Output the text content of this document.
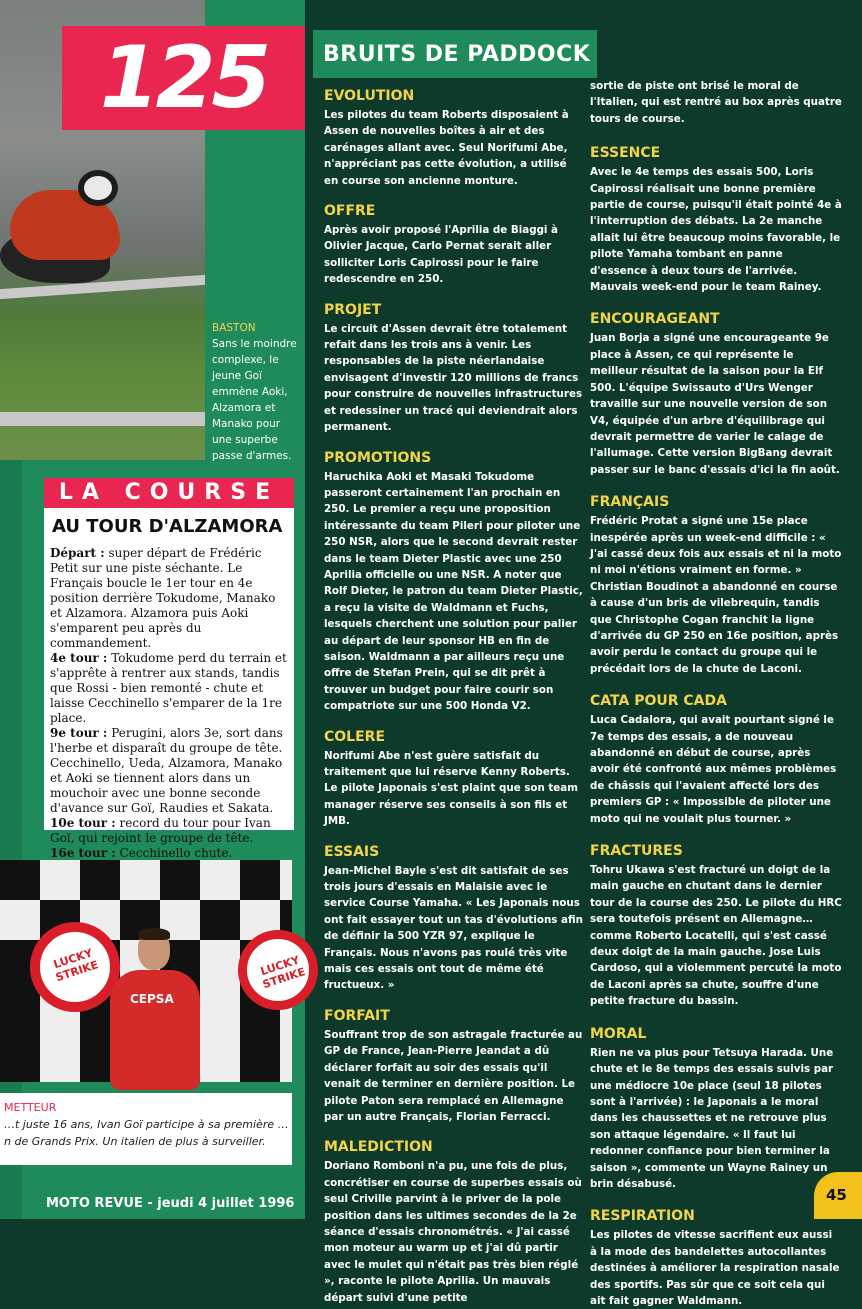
125
BASTON
Sans le moindre complexe, le jeune Goï emmène Aoki, Alzamora et Manako pour une superbe passe d'armes.
LA COURSE
AU TOUR D'ALZAMORA

Départ : super départ de Frédéric Petit sur une piste séchante. Le Français boucle le 1er tour en 4e position derrière Tokudome, Manako et Alzamora. Alzamora puis Aoki s'emparent peu après du commandement.

4e tour : Tokudome perd du terrain et s'apprête à rentrer aux stands, tandis que Rossi - bien remonté - chute et laisse Cecchinello s'emparer de la 1re place.

9e tour : Perugini, alors 3e, sort dans l'herbe et disparaît du groupe de tête. Cecchinello, Ueda, Alzamora, Manako et Aoki se tiennent alors dans un mouchoir avec une bonne seconde d'avance sur Goï, Raudies et Sakata.

10e tour : record du tour pour Ivan Goï, qui rejoint le groupe de tête.

16e tour : Cecchinello chute.

LUCKY STRIKE	LUCKY STRIKE
CEPSA
METTEUR
…t juste 16 ans, Ivan Goï participe à sa première …n de Grands Prix. Un italien de plus à surveiller.
MOTO REVUE - jeudi 4 juillet 1996
BRUITS DE PADDOCK
EVOLUTION
Les pilotes du team Roberts disposaient à Assen de nouvelles boîtes à air et des carénages allant avec. Seul Norifumi Abe, n'appréciant pas cette évolution, a utilisé en course son ancienne monture.
OFFRE
Après avoir proposé l'Aprilia de Biaggi à Olivier Jacque, Carlo Pernat serait aller solliciter Loris Capirossi pour le faire redescendre en 250.
PROJET
Le circuit d'Assen devrait être totalement refait dans les trois ans à venir. Les responsables de la piste néerlandaise envisagent d'investir 120 millions de francs pour construire de nouvelles infrastructures et redessiner un tracé qui deviendrait alors permanent.
PROMOTIONS
Haruchika Aoki et Masaki Tokudome passeront certainement l'an prochain en 250. Le premier a reçu une proposition intéressante du team Pileri pour piloter une 250 NSR, alors que le second devrait rester dans le team Dieter Plastic avec une 250 Aprilia officielle ou une NSR. A noter que Rolf Dieter, le patron du team Dieter Plastic, a reçu la visite de Waldmann et Fuchs, lesquels cherchent une solution pour palier au départ de leur sponsor HB en fin de saison. Waldmann a par ailleurs reçu une offre de Stefan Prein, qui se dit prêt à trouver un budget pour faire courir son compatriote sur une 500 Honda V2.
COLERE
Norifumi Abe n'est guère satisfait du traitement que lui réserve Kenny Roberts. Le pilote Japonais s'est plaint que son team manager réserve ses conseils à son fils et JMB.
ESSAIS
Jean-Michel Bayle s'est dit satisfait de ses trois jours d'essais en Malaisie avec le service Course Yamaha. « Les Japonais nous ont fait essayer tout un tas d'évolutions afin de définir la 500 YZR 97, explique le Français. Nous n'avons pas roulé très vite mais ces essais ont tout de même été fructueux. »
FORFAIT
Souffrant trop de son astragale fracturée au GP de France, Jean-Pierre Jeandat a dû déclarer forfait au soir des essais qu'il venait de terminer en dernière position. Le pilote Paton sera remplacé en Allemagne par un autre Français, Florian Ferracci.
MALEDICTION
Doriano Romboni n'a pu, une fois de plus, concrétiser en course de superbes essais où seul Criville parvint à le priver de la pole position dans les ultimes secondes de la 2e séance d'essais chronométrés. « J'ai cassé mon moteur au warm up et j'ai dû partir avec le mulet qui n'était pas très bien réglé », raconte le pilote Aprilia. Un mauvais départ suivi d'une petite
sortie de piste ont brisé le moral de l'Italien, qui est rentré au box après quatre tours de course.
ESSENCE
Avec le 4e temps des essais 500, Loris Capirossi réalisait une bonne première partie de course, puisqu'il était pointé 4e à l'interruption des débats. La 2e manche allait lui être beaucoup moins favorable, le pilote Yamaha tombant en panne d'essence à deux tours de l'arrivée. Mauvais week-end pour le team Rainey.
ENCOURAGEANT
Juan Borja a signé une encourageante 9e place à Assen, ce qui représente le meilleur résultat de la saison pour la Elf 500. L'équipe Swissauto d'Urs Wenger travaille sur une nouvelle version de son V4, équipée d'un arbre d'équilibrage qui devrait permettre de varier le calage de l'allumage. Cette version BigBang devrait passer sur le banc d'essais d'ici la fin août.
FRANÇAIS
Frédéric Protat a signé une 15e place inespérée après un week-end difficile : « J'ai cassé deux fois aux essais et ni la moto ni moi n'étions vraiment en forme. » Christian Boudinot a abandonné en course à cause d'un bris de vilebrequin, tandis que Christophe Cogan franchit la ligne d'arrivée du GP 250 en 16e position, après avoir perdu le contact du groupe qui le précédait lors de la chute de Laconi.
CATA POUR CADA
Luca Cadalora, qui avait pourtant signé le 7e temps des essais, a de nouveau abandonné en début de course, après avoir été confronté aux mêmes problèmes de châssis qui l'avaient affecté lors des premiers GP : « Impossible de piloter une moto qui ne voulait plus tourner. »
FRACTURES
Tohru Ukawa s'est fracturé un doigt de la main gauche en chutant dans le dernier tour de la course des 250. Le pilote du HRC sera toutefois présent en Allemagne… comme Roberto Locatelli, qui s'est cassé deux doigt de la main gauche. Jose Luis Cardoso, qui a violemment percuté la moto de Laconi après sa chute, souffre d'une petite fracture du bassin.
MORAL
Rien ne va plus pour Tetsuya Harada. Une chute et le 8e temps des essais suivis par une médiocre 10e place (seul 18 pilotes sont à l'arrivée) : le Japonais a le moral dans les chaussettes et ne retrouve plus son attaque légendaire. « Il faut lui redonner confiance pour bien terminer la saison », commente un Wayne Rainey un brin désabusé.
RESPIRATION
Les pilotes de vitesse sacrifient eux aussi à la mode des bandelettes autocollantes destinées à améliorer la respiration nasale des sportifs. Pas sûr que ce soit cela qui ait fait gagner Waldmann.
45
